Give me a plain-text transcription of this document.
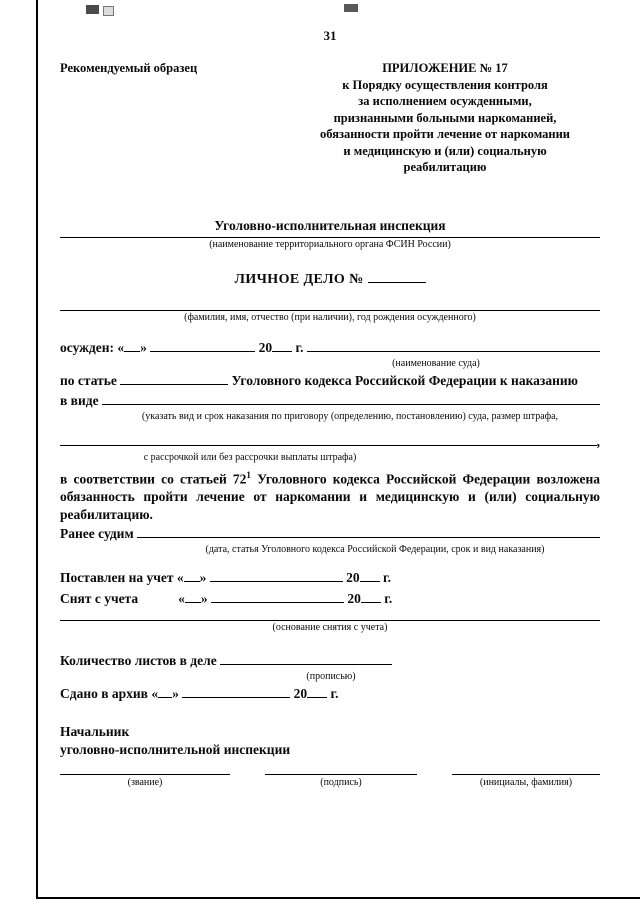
31
Рекомендуемый образец	ПРИЛОЖЕНИЕ № 17
к Порядку осуществления контроля
за исполнением осужденными,
признанными больными наркоманией,
обязанности пройти лечение от наркомании
и медицинскую и (или) социальную
реабилитацию
Уголовно-исполнительная инспекция
(наименование территориального органа ФСИН России)
ЛИЧНОЕ ДЕЛО №
(фамилия, имя, отчество (при наличии), год рождения осужденного)
осужден: « »	20 г.
(наименование суда)
по статье	Уголовного кодекса Российской Федерации к наказанию
в виде
(указать вид и срок наказания по приговору (определению, постановлению) суда, размер штрафа,
,
с рассрочкой или без рассрочки выплаты штрафа)
в соответствии со статьей $72^1$ Уголовного кодекса Российской Федерации возложена обязанность пройти лечение от наркомании и медицинскую и (или) социальную реабилитацию.
Ранее судим
(дата, статья Уголовного кодекса Российской Федерации, срок и вид наказания)
Поставлен на учет « »	20 г.
Снят с учета	« »	20 г.
(основание снятия с учета)
Количество листов в деле
(прописью)
Сдано в архив « »	20 г.
Начальник
уголовно-исполнительной инспекции
(звание)	(подпись)	(инициалы, фамилия)
